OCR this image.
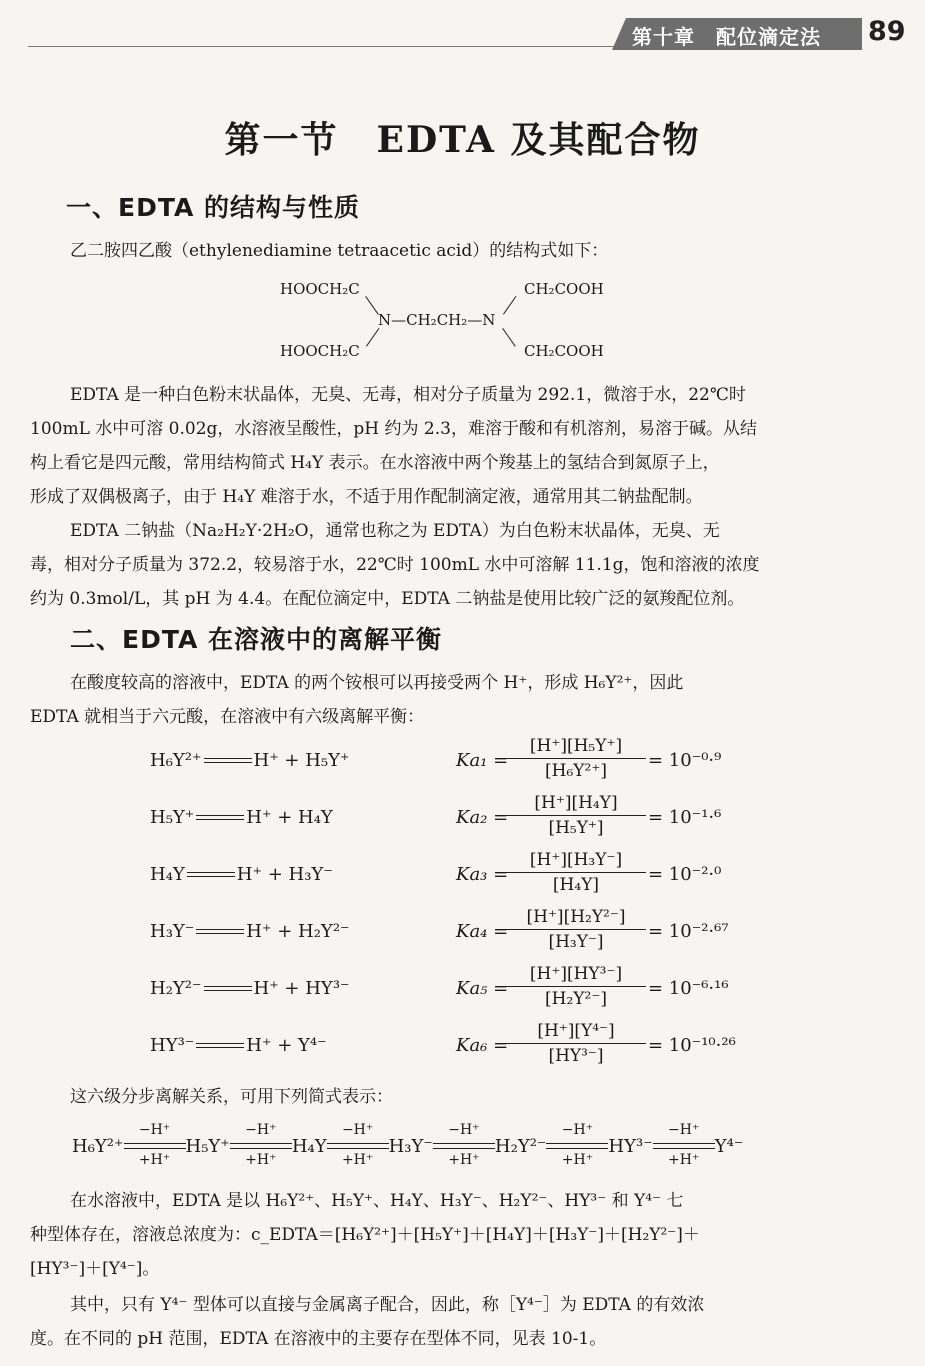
第十章　配位滴定法 89
第一节　EDTA 及其配合物
一、EDTA 的结构与性质
乙二胺四乙酸（ethylenediamine tetraacetic acid）的结构式如下：
HOOCH₂C
HOOCH₂C
CH₂COOH
CH₂COOH
N—CH₂CH₂—N
EDTA 是一种白色粉末状晶体，无臭、无毒，相对分子质量为 292.1，微溶于水，22℃时
100mL 水中可溶 0.02g，水溶液呈酸性，pH 约为 2.3，难溶于酸和有机溶剂，易溶于碱。从结
构上看它是四元酸，常用结构简式 H₄Y 表示。在水溶液中两个羧基上的氢结合到氮原子上，
形成了双偶极离子，由于 H₄Y 难溶于水，不适于用作配制滴定液，通常用其二钠盐配制。
EDTA 二钠盐（Na₂H₂Y·2H₂O，通常也称之为 EDTA）为白色粉末状晶体，无臭、无
毒，相对分子质量为 372.2，较易溶于水，22℃时 100mL 水中可溶解 11.1g，饱和溶液的浓度
约为 0.3mol/L，其 pH 为 4.4。在配位滴定中，EDTA 二钠盐是使用比较广泛的氨羧配位剂。
二、EDTA 在溶液中的离解平衡
在酸度较高的溶液中，EDTA 的两个铵根可以再接受两个 H⁺，形成 H₆Y²⁺，因此
EDTA 就相当于六元酸，在溶液中有六级离解平衡：
H₆Y²⁺	H⁺ + H₅Y⁺	Ka₁ =
$\frac{\text{[H⁺][H₅Y⁺]}}{\text{[H₆Y²⁺]}} = 10^{-0}\cdot^9$
H₅Y⁺	H⁺ + H₄Y	Ka₂ =
$\frac{\text{[H⁺][H₄Y]}}{\text{[H₅Y⁺]}} = 10^{-1}\cdot^6$
H₄Y	H⁺ + H₃Y⁻	Ka₃ =
$\frac{\text{[H⁺][H₃Y⁻]}}{\text{[H₄Y]}} = 10^{-2}\cdot^0$
H₃Y⁻	H⁺ + H₂Y²⁻	Ka₄ =
$\frac{\text{[H⁺][H₂Y²⁻]}}{\text{[H₃Y⁻]}} = 10^{-2}\cdot^{67}$
H₂Y²⁻	H⁺ + HY³⁻	Ka₅ =
$\frac{\text{[H⁺][HY³⁻]}}{\text{[H₂Y²⁻]}} = 10^{-6}\cdot^{16}$
HY³⁻	H⁺ + Y⁴⁻	Ka₆ =
$\frac{\text{[H⁺][Y⁴⁻]}}{\text{[HY³⁻]}} = 10^{-10}\cdot^{26}$
这六级分步离解关系，可用下列简式表示：
$H_6Y^{2+} \frac{-H^+}{+H^+} H_5Y^+ \frac{-H^+}{+H^+} H_4Y \frac{-H^+}{+H^+} H_3Y^- \frac{-H^+}{+H^+} H_2Y^{2-} \frac{-H^+}{+H^+} HY^{3-} \frac{-H^+}{+H^+} Y^{4-}$
在水溶液中，EDTA 是以 H₆Y²⁺、H₅Y⁺、H₄Y、H₃Y⁻、H₂Y²⁻、HY³⁻ 和 Y⁴⁻ 七
种型体存在，溶液总浓度为：c_EDTA＝[H₆Y²⁺]＋[H₅Y⁺]＋[H₄Y]＋[H₃Y⁻]＋[H₂Y²⁻]＋
[HY³⁻]＋[Y⁴⁻]。
其中，只有 Y⁴⁻ 型体可以直接与金属离子配合，因此，称［Y⁴⁻］为 EDTA 的有效浓
度。在不同的 pH 范围，EDTA 在溶液中的主要存在型体不同，见表 10-1。
